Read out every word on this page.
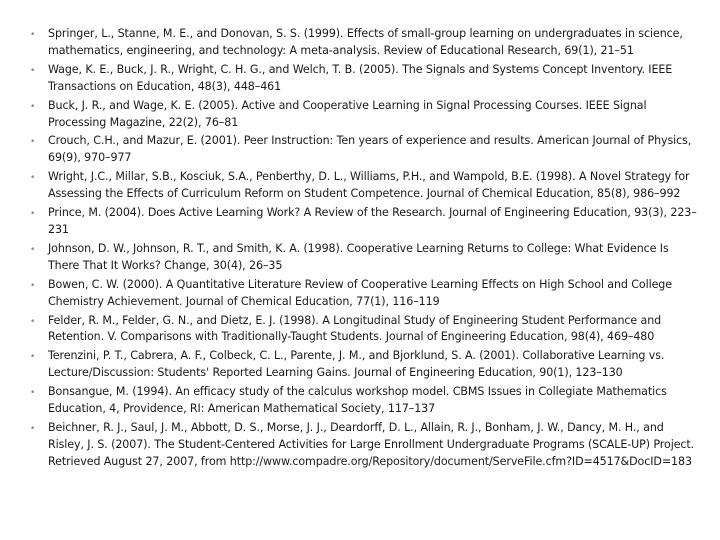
•	Springer, L., Stanne, M. E., and Donovan, S. S. (1999). Effects of small-group learning on undergraduates in science, mathematics, engineering, and technology: A meta-analysis. Review of Educational Research, 69(1), 21–51
•	Wage, K. E., Buck, J. R., Wright, C. H. G., and Welch, T. B. (2005). The Signals and Systems Concept Inventory. IEEE Transactions on Education, 48(3), 448–461
•	Buck, J. R., and Wage, K. E. (2005). Active and Cooperative Learning in Signal Processing Courses. IEEE Signal Processing Magazine, 22(2), 76–81
•	Crouch, C.H., and Mazur, E. (2001). Peer Instruction: Ten years of experience and results. American Journal of Physics, 69(9), 970–977
•	Wright, J.C., Millar, S.B., Kosciuk, S.A., Penberthy, D. L., Williams, P.H., and Wampold, B.E. (1998). A Novel Strategy for Assessing the Effects of Curriculum Reform on Student Competence. Journal of Chemical Education, 85(8), 986–992
•	Prince, M. (2004). Does Active Learning Work? A Review of the Research. Journal of Engineering Education, 93(3), 223–231
•	Johnson, D. W., Johnson, R. T., and Smith, K. A. (1998). Cooperative Learning Returns to College: What Evidence Is There That It Works? Change, 30(4), 26–35
•	Bowen, C. W. (2000). A Quantitative Literature Review of Cooperative Learning Effects on High School and College Chemistry Achievement. Journal of Chemical Education, 77(1), 116–119
•	Felder, R. M., Felder, G. N., and Dietz, E. J. (1998). A Longitudinal Study of Engineering Student Performance and Retention. V. Comparisons with Traditionally-Taught Students. Journal of Engineering Education, 98(4), 469–480
•	Terenzini, P. T., Cabrera, A. F., Colbeck, C. L., Parente, J. M., and Bjorklund, S. A. (2001). Collaborative Learning vs. Lecture/Discussion: Students' Reported Learning Gains. Journal of Engineering Education, 90(1), 123–130
•	Bonsangue, M. (1994). An efficacy study of the calculus workshop model. CBMS Issues in Collegiate Mathematics Education, 4, Providence, RI: American Mathematical Society, 117–137
•	Beichner, R. J., Saul, J. M., Abbott, D. S., Morse, J. J., Deardorff, D. L., Allain, R. J., Bonham, J. W., Dancy, M. H., and Risley, J. S. (2007). The Student-Centered Activities for Large Enrollment Undergraduate Programs (SCALE-UP) Project. Retrieved August 27, 2007, from http://www.compadre.org/Repository/document/ServeFile.cfm?ID=4517&DocID=183
